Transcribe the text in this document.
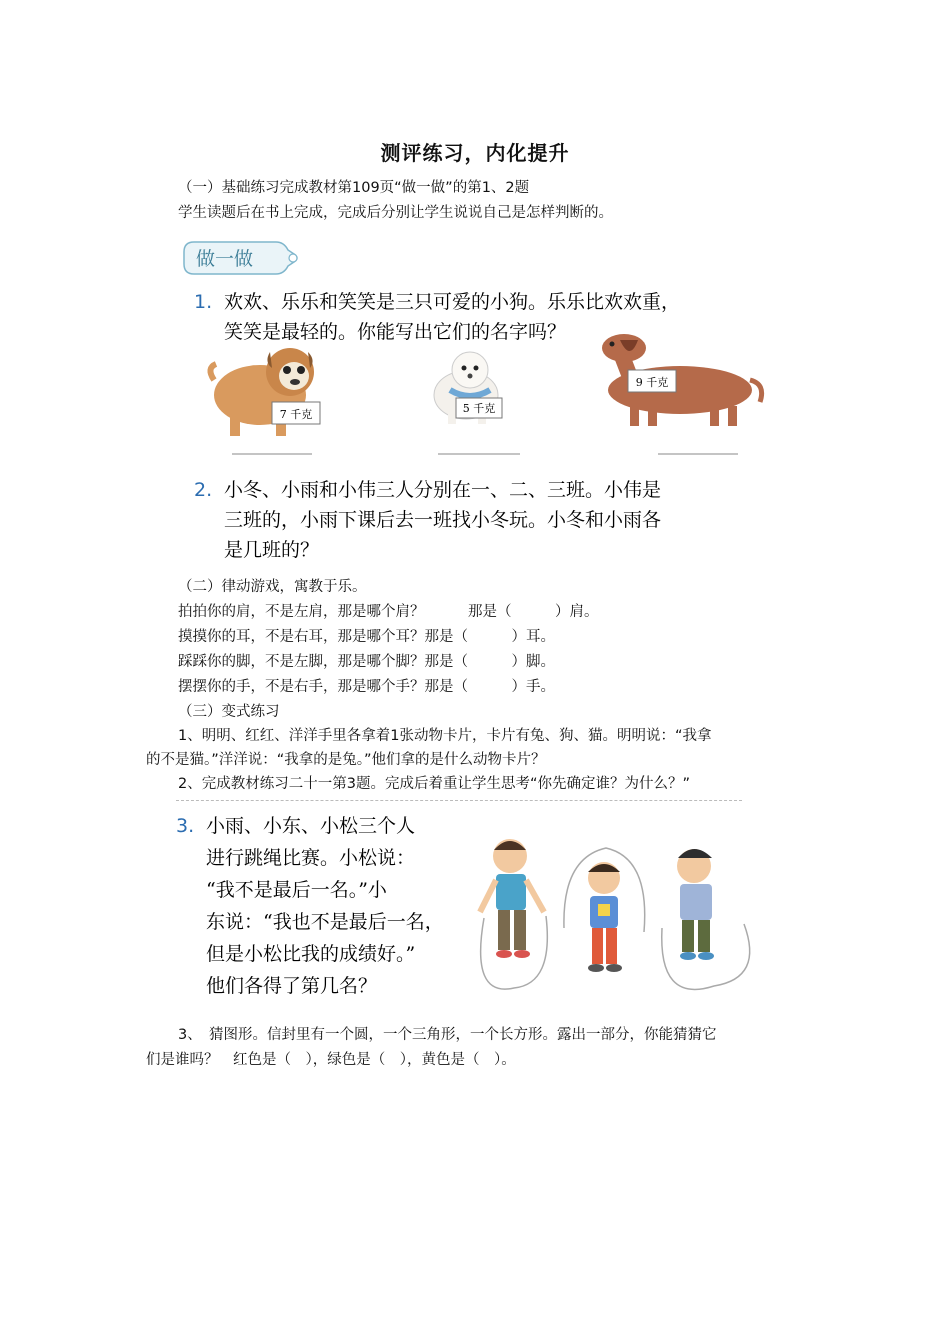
测评练习，内化提升
（一）基础练习完成教材第109页“做一做”的第1、2题
学生读题后在书上完成，完成后分别让学生说说自己是怎样判断的。
做一做
1. 欢欢、乐乐和笑笑是三只可爱的小狗。乐乐比欢欢重，
笑笑是最轻的。你能写出它们的名字吗？
7 千克	5 千克
9 千克
2. 小冬、小雨和小伟三人分别在一、二、三班。小伟是
三班的，小雨下课后去一班找小冬玩。小冬和小雨各
是几班的？
（二）律动游戏，寓教于乐。
拍拍你的肩，不是左肩，那是哪个肩？　　　那是（　　　）肩。
摸摸你的耳，不是右耳，那是哪个耳？那是（　　　）耳。
踩踩你的脚，不是左脚，那是哪个脚？那是（　　　）脚。
摆摆你的手，不是右手，那是哪个手？那是（　　　）手。
（三）变式练习
1、明明、红红、洋洋手里各拿着1张动物卡片，卡片有兔、狗、猫。明明说：“我拿
的不是猫。”洋洋说：“我拿的是兔。”他们拿的是什么动物卡片？
2、完成教材练习二十一第3题。完成后着重让学生思考“你先确定谁？为什么？”
3. 小雨、小东、小松三个人
进行跳绳比赛。小松说：
“我不是最后一名。”小
东说：“我也不是最后一名，
但是小松比我的成绩好。”
他们各得了第几名？
3、　猜图形。信封里有一个圆，一个三角形，一个长方形。露出一部分，你能猜猜它
们是谁吗？　红色是（　），绿色是（　），黄色是（　）。
